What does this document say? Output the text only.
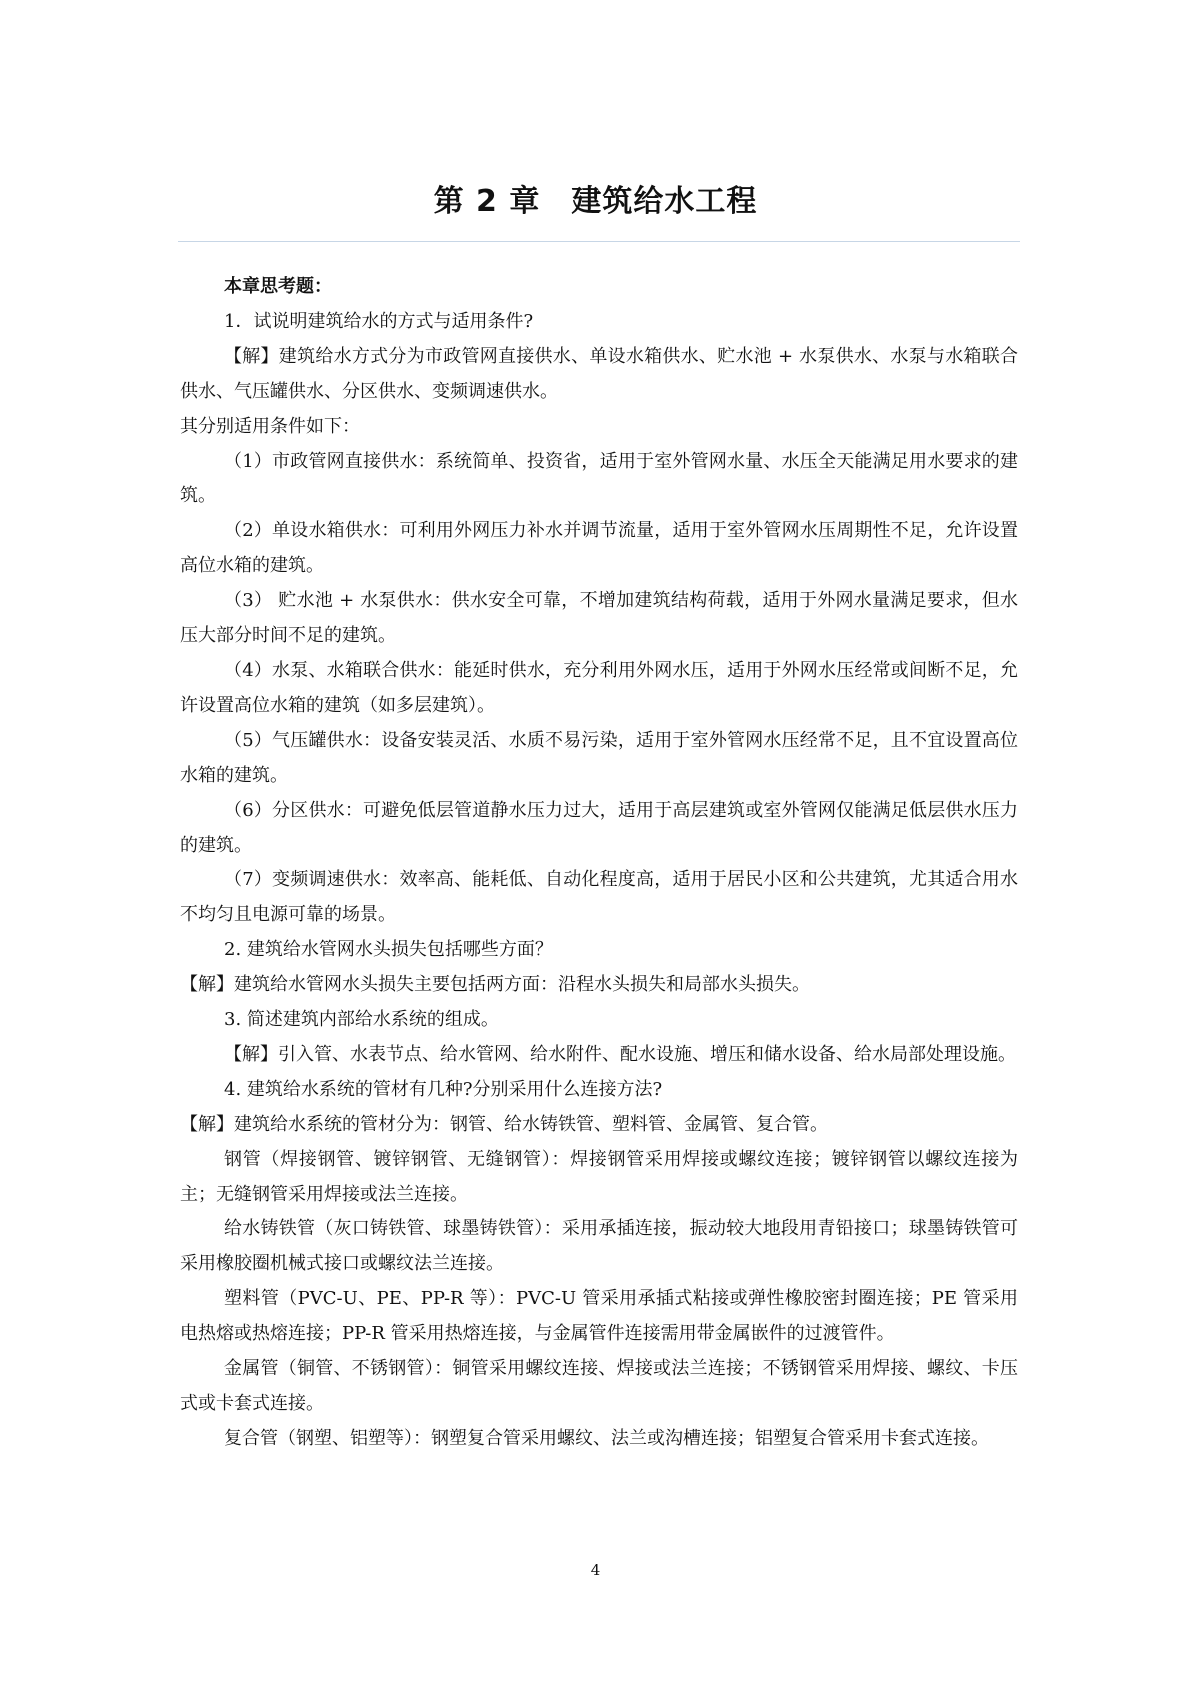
第 2 章　建筑给水工程

本章思考题：

1．试说明建筑给水的方式与适用条件?

【解】建筑给水方式分为市政管网直接供水、单设水箱供水、贮水池 + 水泵供水、水泵与水箱联合供水、气压罐供水、分区供水、变频调速供水。

其分别适用条件如下：

（1）市政管网直接供水：系统简单、投资省，适用于室外管网水量、水压全天能满足用水要求的建筑。

（2）单设水箱供水：可利用外网压力补水并调节流量，适用于室外管网水压周期性不足，允许设置高位水箱的建筑。

（3） 贮水池 + 水泵供水：供水安全可靠，不增加建筑结构荷载，适用于外网水量满足要求，但水压大部分时间不足的建筑。

（4）水泵、水箱联合供水：能延时供水，充分利用外网水压，适用于外网水压经常或间断不足，允许设置高位水箱的建筑（如多层建筑）。

（5）气压罐供水：设备安装灵活、水质不易污染，适用于室外管网水压经常不足，且不宜设置高位水箱的建筑。

（6）分区供水：可避免低层管道静水压力过大，适用于高层建筑或室外管网仅能满足低层供水压力的建筑。

（7）变频调速供水：效率高、能耗低、自动化程度高，适用于居民小区和公共建筑，尤其适合用水不均匀且电源可靠的场景。

2. 建筑给水管网水头损失包括哪些方面？

【解】建筑给水管网水头损失主要包括两方面：沿程水头损失和局部水头损失。

3. 简述建筑内部给水系统的组成。

【解】引入管、水表节点、给水管网、给水附件、配水设施、增压和储水设备、给水局部处理设施。

4. 建筑给水系统的管材有几种?分别采用什么连接方法?

【解】建筑给水系统的管材分为：钢管、给水铸铁管、塑料管、金属管、复合管。

钢管（焊接钢管、镀锌钢管、无缝钢管）：焊接钢管采用焊接或螺纹连接；镀锌钢管以螺纹连接为主；无缝钢管采用焊接或法兰连接。

给水铸铁管（灰口铸铁管、球墨铸铁管）：采用承插连接，振动较大地段用青铅接口；球墨铸铁管可采用橡胶圈机械式接口或螺纹法兰连接。

塑料管（PVC-U、PE、PP-R 等）：PVC-U 管采用承插式粘接或弹性橡胶密封圈连接；PE 管采用电热熔或热熔连接；PP-R 管采用热熔连接，与金属管件连接需用带金属嵌件的过渡管件。

金属管（铜管、不锈钢管）：铜管采用螺纹连接、焊接或法兰连接；不锈钢管采用焊接、螺纹、卡压式或卡套式连接。

复合管（钢塑、铝塑等）：钢塑复合管采用螺纹、法兰或沟槽连接；铝塑复合管采用卡套式连接。

4
